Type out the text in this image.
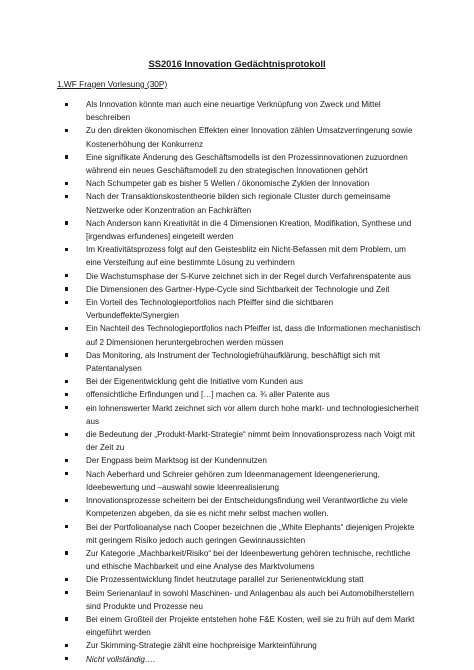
SS2016 Innovation Gedächtnisprotokoll
1.WF Fragen Vorlesung (30P)
Als Innovation könnte man auch eine neuartige Verknüpfung von Zweck und Mittel beschreiben
Zu den direkten ökonomischen Effekten einer Innovation zählen Umsatzverringerung sowie Kostenerhöhung der Konkurrenz
Eine signifikate Änderung des Geschäftsmodells ist den Prozessinnovationen zuzuordnen während ein neues Geschäftsmodell zu den strategischen Innovationen gehört
Nach Schumpeter gab es bisher 5 Wellen / ökonomische Zyklen der Innovation
Nach der Transaktionskostentheorie bilden sich regionale Cluster durch gemeinsame Netzwerke oder Konzentration an Fachkräften
Nach Anderson kann Kreativität in die 4 Dimensionen Kreation, Modifikation, Synthese und [irgendwas erfundenes] eingeteilt werden
Im Kreativitätsprozess folgt auf den Geistesblitz ein Nicht-Befassen mit dem Problem, um eine Versteifung auf eine bestimmte Lösung zu verhindern
Die Wachstumsphase der S-Kurve zeichnet sich in der Regel durch Verfahrenspatente aus
Die Dimensionen des Gartner-Hype-Cycle sind Sichtbarkeit der Technologie und Zeit
Ein Vorteil des Technologieportfolios nach Pfeiffer sind die sichtbaren Verbundeffekte/Synergien
Ein Nachteil des Technologieportfolios nach Pfeiffer ist, dass die Informationen mechanistisch auf 2 Dimensionen heruntergebrochen werden müssen
Das Monitoring, als Instrument der Technologiefrühaufklärung, beschäftigt sich mit Patentanalysen
Bei der Eigenentwicklung geht die Initiative vom Kunden aus
offensichtliche Erfindungen und […] machen ca. ¾ aller Patente aus
ein lohnenswerter Markt zeichnet sich vor allem durch hohe markt- und technologiesicherheit aus
die Bedeutung der „Produkt-Markt-Strategie“ nimmt beim Innovationsprozess nach Voigt mit der Zeit zu
Der Engpass beim Marktsog ist der Kundennutzen
Nach Aeberhard und Schreier gehören zum Ideenmanagement Ideengenerierung, Ideebewertung und –auswahl sowie Ideenrealisierung
Innovationsprozesse scheitern bei der Entscheidungsfindung weil Verantwortliche zu viele Kompetenzen abgeben, da sie es nicht mehr selbst machen wollen.
Bei der Portfolioanalyse nach Cooper bezeichnen die „White Elephants“ diejenigen Projekte mit geringem Risiko jedoch auch geringen Gewinnaussichten
Zur Kategorie „Machbarkeit/Risiko“ bei der Ideenbewertung gehören technische, rechtliche und ethische Machbarkeit und eine Analyse des Marktvolumens
Die Prozessentwicklung findet heutzutage parallel zur Serienentwicklung statt
Beim Serienanlauf in sowohl Maschinen- und Anlagenbau als auch bei Automobilherstellern sind Produkte und Prozesse neu
Bei einem Großteil der Projekte entstehen hohe F&E Kosten, weil sie zu früh auf dem Markt eingeführt werden
Zur Skimming-Strategie zählt eine hochpreisige Markteinführung
Nicht vollständig….
